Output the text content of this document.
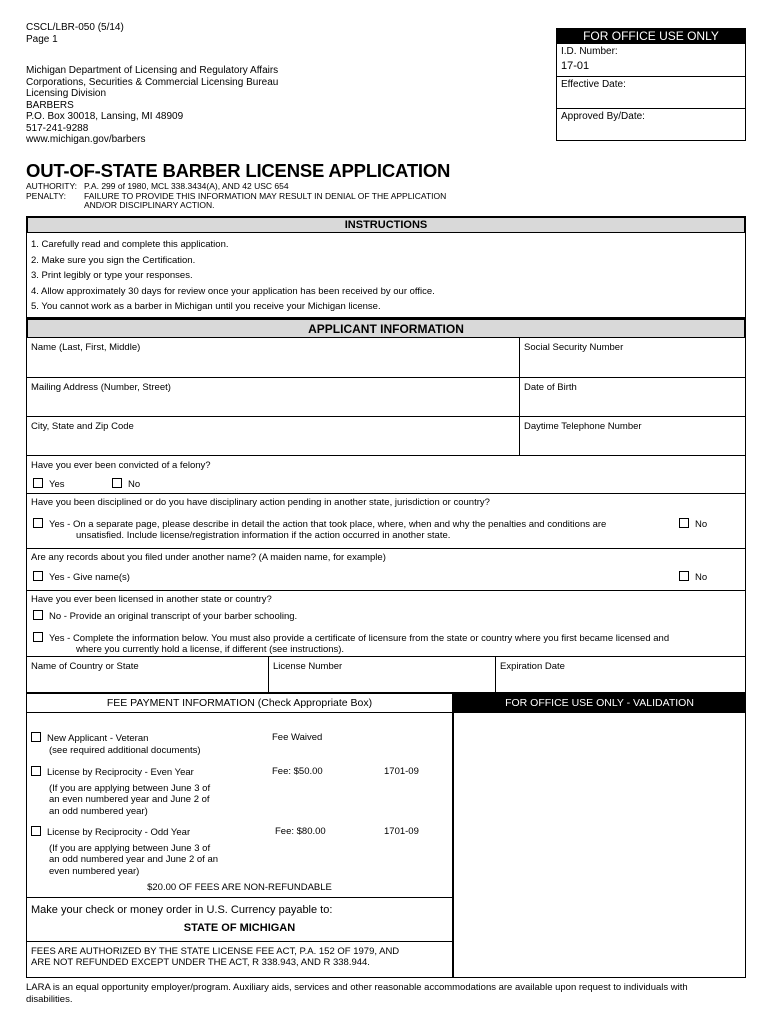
CSCL/LBR-050 (5/14)
Page 1
Michigan Department of Licensing and Regulatory Affairs
Corporations, Securities & Commercial Licensing Bureau
Licensing Division
BARBERS
P.O. Box 30018, Lansing, MI 48909
517-241-9288
www.michigan.gov/barbers
FOR OFFICE USE ONLY
I.D. Number:
17-01
Effective Date:
Approved By/Date:
OUT-OF-STATE BARBER LICENSE APPLICATION
AUTHORITY: P.A. 299 of 1980, MCL 338.3434(A), AND 42 USC 654
PENALTY: FAILURE TO PROVIDE THIS INFORMATION MAY RESULT IN DENIAL OF THE APPLICATION
AND/OR DISCIPLINARY ACTION.
INSTRUCTIONS
1. Carefully read and complete this application.
2. Make sure you sign the Certification.
3. Print legibly or type your responses.
4. Allow approximately 30 days for review once your application has been received by our office.
5. You cannot work as a barber in Michigan until you receive your Michigan license.
APPLICANT INFORMATION
Name (Last, First, Middle)	Social Security Number
Mailing Address (Number, Street)	Date of Birth
City, State and Zip Code	Daytime Telephone Number
Have you ever been convicted of a felony?
Yes	No
Have you been disciplined or do you have disciplinary action pending in another state, jurisdiction or country?
Yes - On a separate page, please describe in detail the action that took place, where, when and why the penalties and conditions are
unsatisfied. Include license/registration information if the action occurred in another state.
No
Are any records about you filed under another name? (A maiden name, for example)
Yes - Give name(s)	No
Have you ever been licensed in another state or country?
No - Provide an original transcript of your barber schooling.
Yes - Complete the information below. You must also provide a certificate of licensure from the state or country where you first became licensed and
where you currently hold a license, if different (see instructions).
Name of Country or State	License Number	Expiration Date
FEE PAYMENT INFORMATION (Check Appropriate Box)
New Applicant - Veteran
(see required additional documents)
Fee Waived
License by Reciprocity - Even Year
(If you are applying between June 3 of
an even numbered year and June 2 of
an odd numbered year)
Fee: $50.00	1701-09
License by Reciprocity - Odd Year
(If you are applying between June 3 of
an odd numbered year and June 2 of an
even numbered year)
Fee: $80.00	1701-09
$20.00 OF FEES ARE NON-REFUNDABLE
Make your check or money order in U.S. Currency payable to:
STATE OF MICHIGAN
FEES ARE AUTHORIZED BY THE STATE LICENSE FEE ACT, P.A. 152 OF 1979, AND
ARE NOT REFUNDED EXCEPT UNDER THE ACT, R 338.943, AND R 338.944.
FOR OFFICE USE ONLY - VALIDATION
LARA is an equal opportunity employer/program. Auxiliary aids, services and other reasonable accommodations are available upon request to individuals with
disabilities.
